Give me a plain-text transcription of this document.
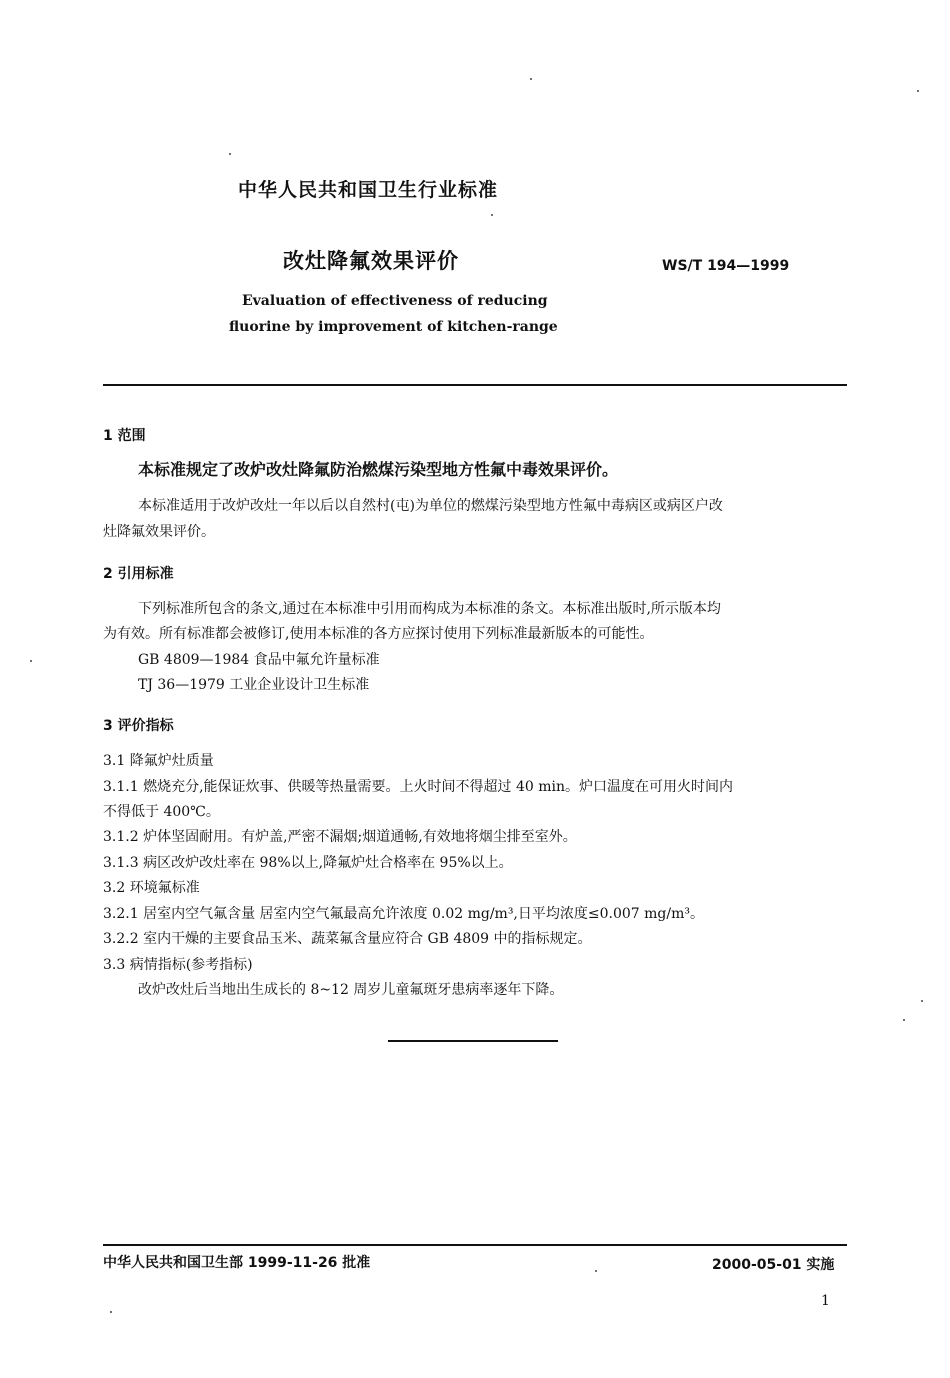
中华人民共和国卫生行业标准
改灶降氟效果评价	WS/T 194—1999
Evaluation of effectiveness of reducing
fluorine by improvement of kitchen-range
1 范围
本标准规定了改炉改灶降氟防治燃煤污染型地方性氟中毒效果评价。
本标准适用于改炉改灶一年以后以自然村(屯)为单位的燃煤污染型地方性氟中毒病区或病区户改
灶降氟效果评价。
2 引用标准
下列标准所包含的条文,通过在本标准中引用而构成为本标准的条文。本标准出版时,所示版本均
为有效。所有标准都会被修订,使用本标准的各方应探讨使用下列标准最新版本的可能性。
GB 4809—1984 食品中氟允许量标准
TJ 36—1979 工业企业设计卫生标准
3 评价指标
3.1 降氟炉灶质量
3.1.1 燃烧充分,能保证炊事、供暖等热量需要。上火时间不得超过 40 min。炉口温度在可用火时间内
不得低于 400℃。
3.1.2 炉体坚固耐用。有炉盖,严密不漏烟;烟道通畅,有效地将烟尘排至室外。
3.1.3 病区改炉改灶率在 98%以上,降氟炉灶合格率在 95%以上。
3.2 环境氟标准
3.2.1 居室内空气氟含量 居室内空气氟最高允许浓度 0.02 mg/m³,日平均浓度≤0.007 mg/m³。
3.2.2 室内干燥的主要食品玉米、蔬菜氟含量应符合 GB 4809 中的指标规定。
3.3 病情指标(参考指标)
改炉改灶后当地出生成长的 8~12 周岁儿童氟斑牙患病率逐年下降。
中华人民共和国卫生部 1999-11-26 批准	2000-05-01 实施
1
